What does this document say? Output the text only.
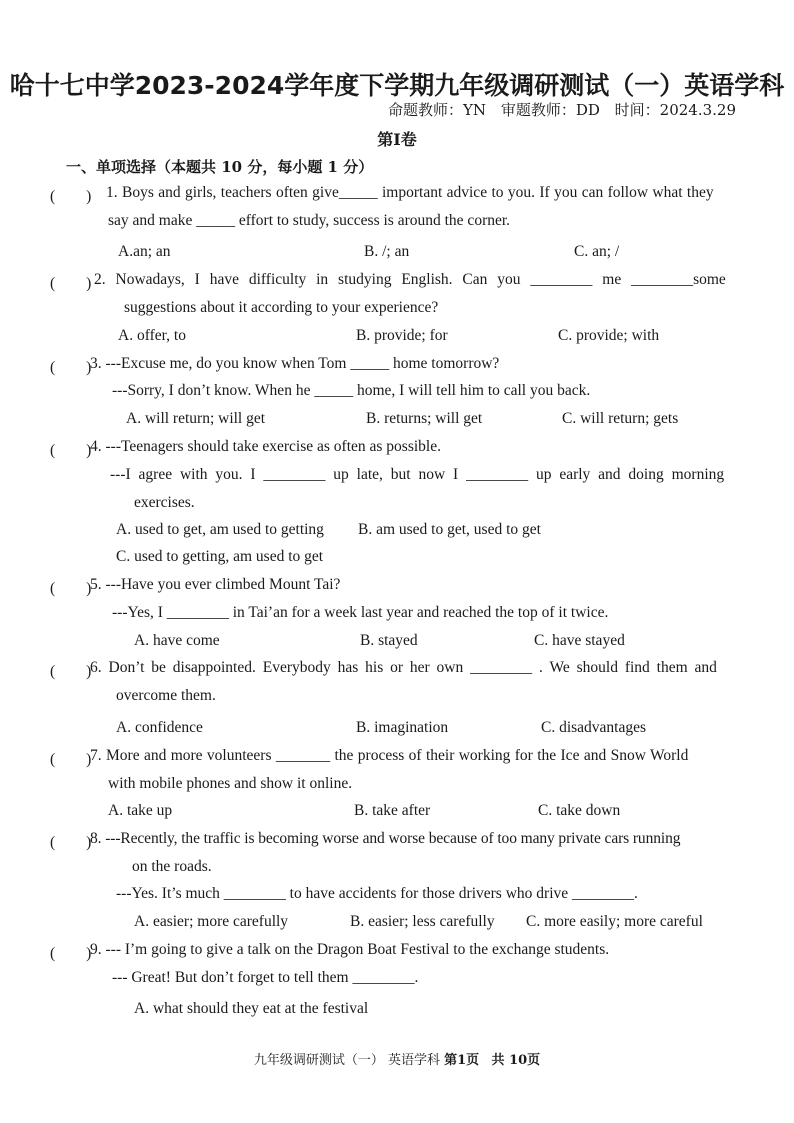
哈十七中学2023-2024学年度下学期九年级调研测试（一）英语学科
命题教师：YN 审题教师：DD 时间：2024.3.29
第I卷
一、单项选择（本题共 10 分，每小题 1 分）
(　　) 1. Boys and girls, teachers often give_____ important advice to you. If you can follow what they
say and make _____ effort to study, success is around the corner.
A.an; an	B. /; an	C. an; /
(　　) 2. Nowadays, I have difficulty in studying English. Can you ________ me ________some
suggestions about it according to your experience?
A. offer, to	B. provide; for	C. provide; with
(　　)
3. ---Excuse me, do you know when Tom _____ home tomorrow?
---Sorry, I don’t know. When he _____ home, I will tell him to call you back.
A. will return; will get	B. returns; will get	C. will return; gets
(　　)
4. ---Teenagers should take exercise as often as possible.
---I agree with you. I ________ up late, but now I ________ up early and doing morning
exercises.
A. used to get, am used to getting B. am used to get, used to get
C. used to getting, am used to get
(　　)
5. ---Have you ever climbed Mount Tai?
---Yes, I ________ in Tai’an for a week last year and reached the top of it twice.
A. have come	B. stayed	C. have stayed
(　　)
6. Don’t be disappointed. Everybody has his or her own ________ . We should find them and
overcome them.
A. confidence	B. imagination	C. disadvantages
(　　)
7. More and more volunteers _______ the process of their working for the Ice and Snow World
with mobile phones and show it online.
A. take up	B. take after	C. take down
(　　)
8. ---Recently, the traffic is becoming worse and worse because of too many private cars running
on the roads.
---Yes. It’s much ________ to have accidents for those drivers who drive ________.
A. easier; more carefully	B. easier; less carefully C. more easily; more careful
(　　)
9. --- I’m going to give a talk on the Dragon Boat Festival to the exchange students.
--- Great! But don’t forget to tell them ________.
A. what should they eat at the festival
九年级调研测试（一） 英语学科 第1页 共 10页
